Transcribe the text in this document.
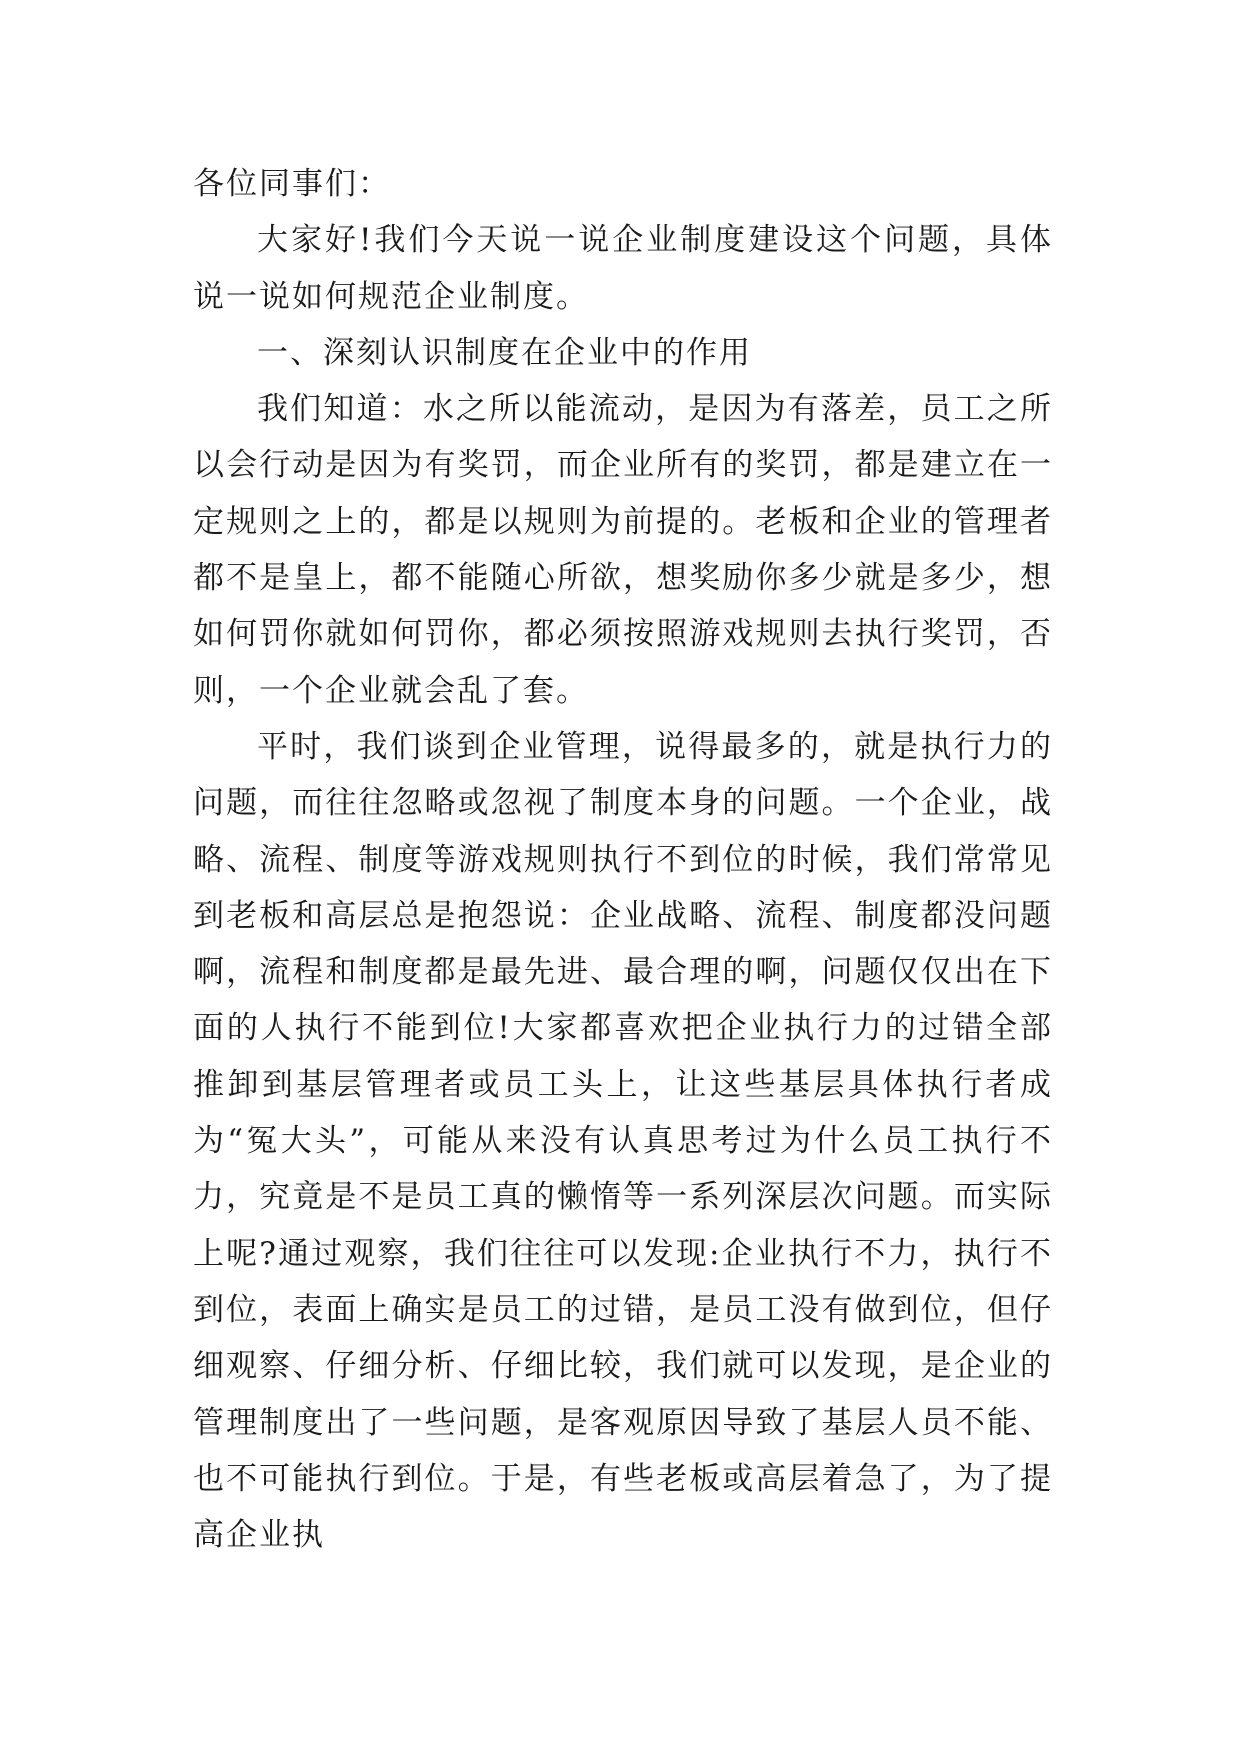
各位同事们：

大家好!我们今天说一说企业制度建设这个问题，具体说一说如何规范企业制度。

一、深刻认识制度在企业中的作用

我们知道：水之所以能流动，是因为有落差，员工之所以会行动是因为有奖罚，而企业所有的奖罚，都是建立在一定规则之上的，都是以规则为前提的。老板和企业的管理者都不是皇上，都不能随心所欲，想奖励你多少就是多少，想如何罚你就如何罚你，都必须按照游戏规则去执行奖罚，否则，一个企业就会乱了套。

平时，我们谈到企业管理，说得最多的，就是执行力的问题，而往往忽略或忽视了制度本身的问题。一个企业，战略、流程、制度等游戏规则执行不到位的时候，我们常常见到老板和高层总是抱怨说：企业战略、流程、制度都没问题啊，流程和制度都是最先进、最合理的啊，问题仅仅出在下面的人执行不能到位!大家都喜欢把企业执行力的过错全部推卸到基层管理者或员工头上，让这些基层具体执行者成为“冤大头”，可能从来没有认真思考过为什么员工执行不力，究竟是不是员工真的懒惰等一系列深层次问题。而实际上呢?通过观察，我们往往可以发现:企业执行不力，执行不到位，表面上确实是员工的过错，是员工没有做到位，但仔细观察、仔细分析、仔细比较，我们就可以发现，是企业的管理制度出了一些问题，是客观原因导致了基层人员不能、也不可能执行到位。于是，有些老板或高层着急了，为了提高企业执
